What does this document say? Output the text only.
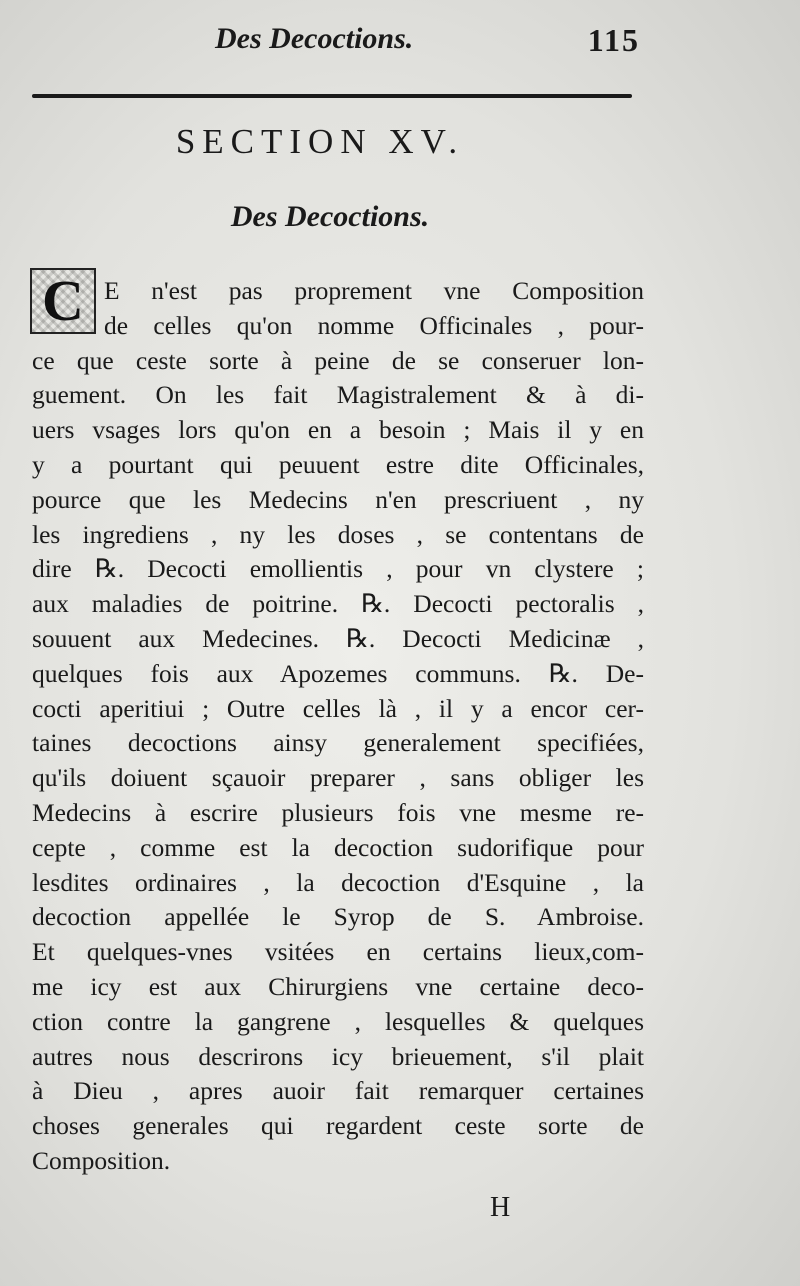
Des Decoctions.	115
SECTION XV.
Des Decoctions.
C E n'est pas proprement vne Composition
de celles qu'on nomme Officinales , pour-
ce que ceste sorte à peine de se conseruer lon-
guement. On les fait Magistralement & à di-
uers vsages lors qu'on en a besoin ; Mais il y en
y a pourtant qui peuuent estre dite Officinales,
pource que les Medecins n'en prescriuent , ny
les ingrediens , ny les doses , se contentans de
dire ℞. Decocti emollientis , pour vn clystere ;
aux maladies de poitrine. ℞. Decocti pectoralis ,
souuent aux Medecines. ℞. Decocti Medicinæ ,
quelques fois aux Apozemes communs. ℞. De-
cocti aperitiui ; Outre celles là , il y a encor cer-
taines decoctions ainsy generalement specifiées,
qu'ils doiuent sçauoir preparer , sans obliger les
Medecins à escrire plusieurs fois vne mesme re-
cepte , comme est la decoction sudorifique pour
lesdites ordinaires , la decoction d'Esquine , la
decoction appellée le Syrop de S. Ambroise.
Et quelques-vnes vsitées en certains lieux,com-
me icy est aux Chirurgiens vne certaine deco-
ction contre la gangrene , lesquelles & quelques
autres nous descrirons icy brieuement, s'il plait
à Dieu , apres auoir fait remarquer certaines
choses generales qui regardent ceste sorte de
Composition.
H
